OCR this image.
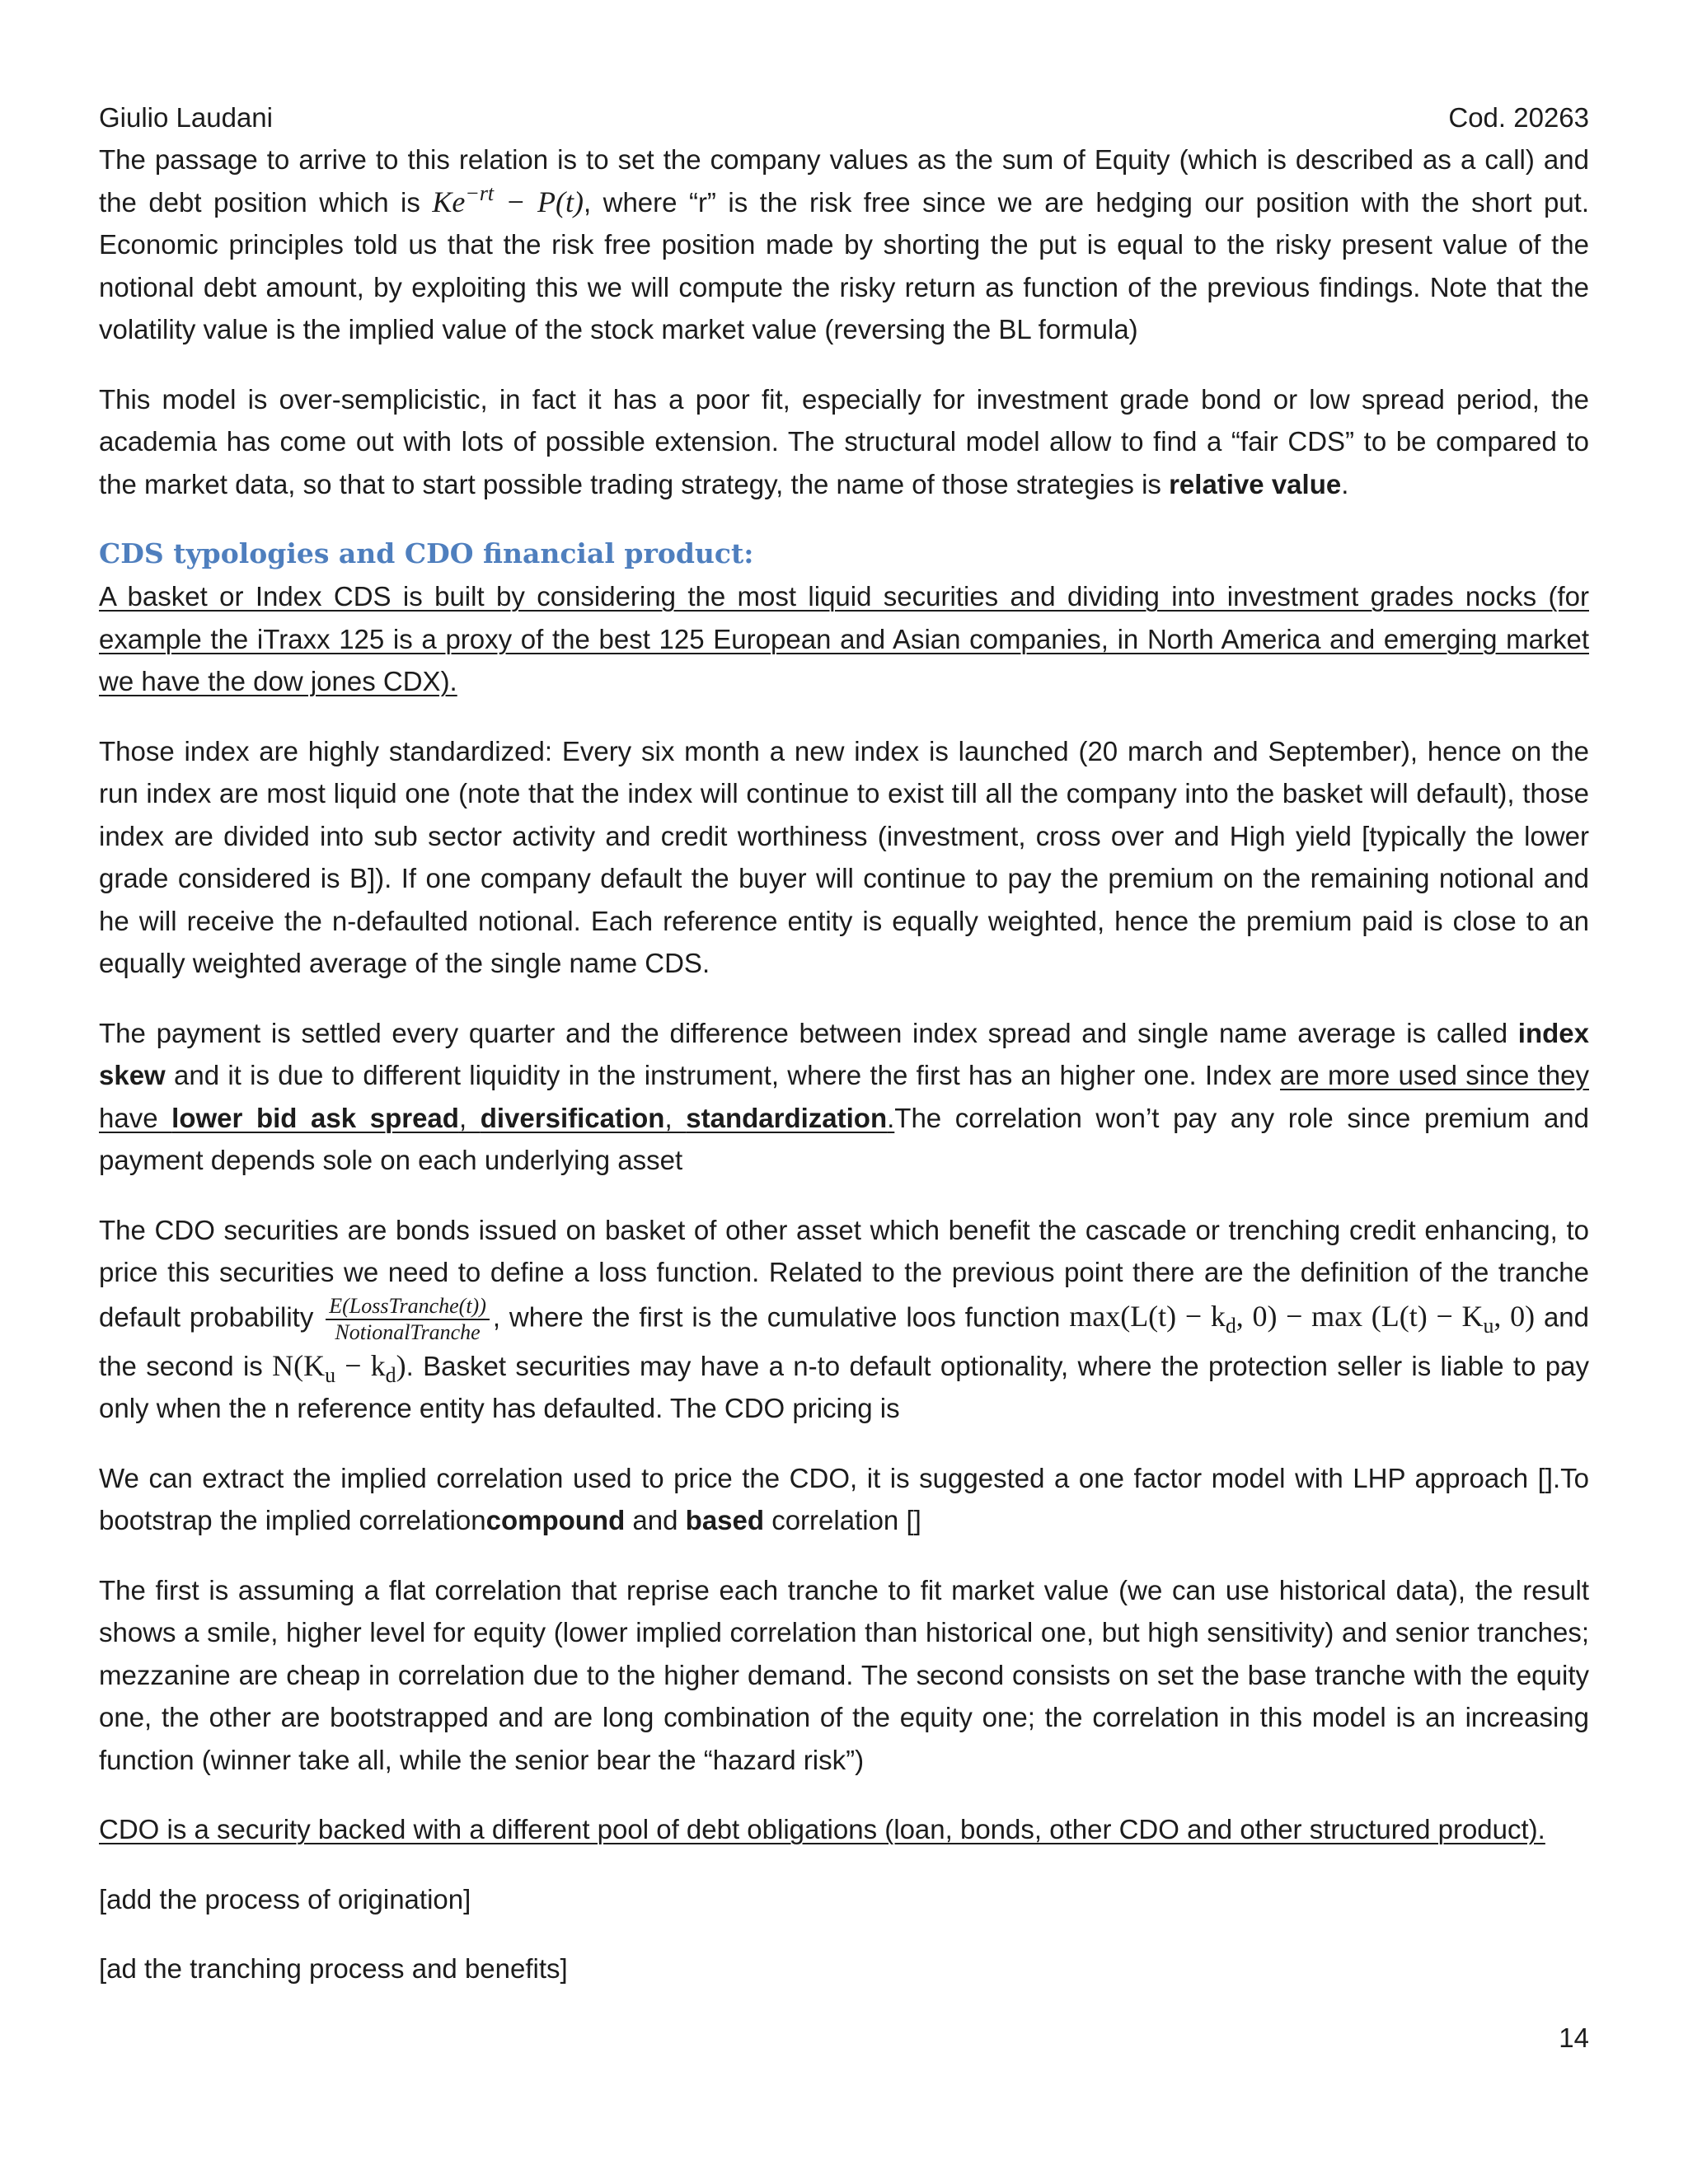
Giulio Laudani	Cod. 20263

The passage to arrive to this relation is to set the company values as the sum of Equity (which is described as a call) and the debt position which is $Ke^{-rt} - P(t)$, where “r” is the risk free since we are hedging our position with the short put. Economic principles told us that the risk free position made by shorting the put is equal to the risky present value of the notional debt amount, by exploiting this we will compute the risky return as function of the previous findings. Note that the volatility value is the implied value of the stock market value (reversing the BL formula)

This model is over-semplicistic, in fact it has a poor fit, especially for investment grade bond or low spread period, the academia has come out with lots of possible extension. The structural model allow to find a “fair CDS” to be compared to the market data, so that to start possible trading strategy, the name of those strategies is relative value.

CDS typologies and CDO financial product:

A basket or Index CDS is built by considering the most liquid securities and dividing into investment grades nocks (for example the iTraxx 125 is a proxy of the best 125 European and Asian companies, in North America and emerging market we have the dow jones CDX).

Those index are highly standardized: Every six month a new index is launched (20 march and September), hence on the run index are most liquid one (note that the index will continue to exist till all the company into the basket will default), those index are divided into sub sector activity and credit worthiness (investment, cross over and High yield [typically the lower grade considered is B]). If one company default the buyer will continue to pay the premium on the remaining notional and he will receive the n-defaulted notional. Each reference entity is equally weighted, hence the premium paid is close to an equally weighted average of the single name CDS.

The payment is settled every quarter and the difference between index spread and single name average is called index skew and it is due to different liquidity in the instrument, where the first has an higher one. Index are more used since they have lower bid ask spread, diversification, standardization.The correlation won’t pay any role since premium and payment depends sole on each underlying asset

The CDO securities are bonds issued on basket of other asset which benefit the cascade or trenching credit enhancing, to price this securities we need to define a loss function. Related to the previous point there are the definition of the tranche default probability $\frac{\text{E(LossTranche(t))}}{\text{NotionalTranche}}$ , where the first is the cumulative loos function $\max(L(t) - k_d$, $0) - \max (L(t) - K_u$, 0) and the second is $N(K_u - k_d)$. Basket securities may have a n-to default optionality, where the protection seller is liable to pay only when the n reference entity has defaulted. The CDO pricing is

We can extract the implied correlation used to price the CDO, it is suggested a one factor model with LHP approach [].To bootstrap the implied correlationcompound and based correlation []

The first is assuming a flat correlation that reprise each tranche to fit market value (we can use historical data), the result shows a smile, higher level for equity (lower implied correlation than historical one, but high sensitivity) and senior tranches; mezzanine are cheap in correlation due to the higher demand. The second consists on set the base tranche with the equity one, the other are bootstrapped and are long combination of the equity one; the correlation in this model is an increasing function (winner take all, while the senior bear the “hazard risk”)

CDO is a security backed with a different pool of debt obligations (loan, bonds, other CDO and other structured product).

[add the process of origination]

[ad the tranching process and benefits]

14
